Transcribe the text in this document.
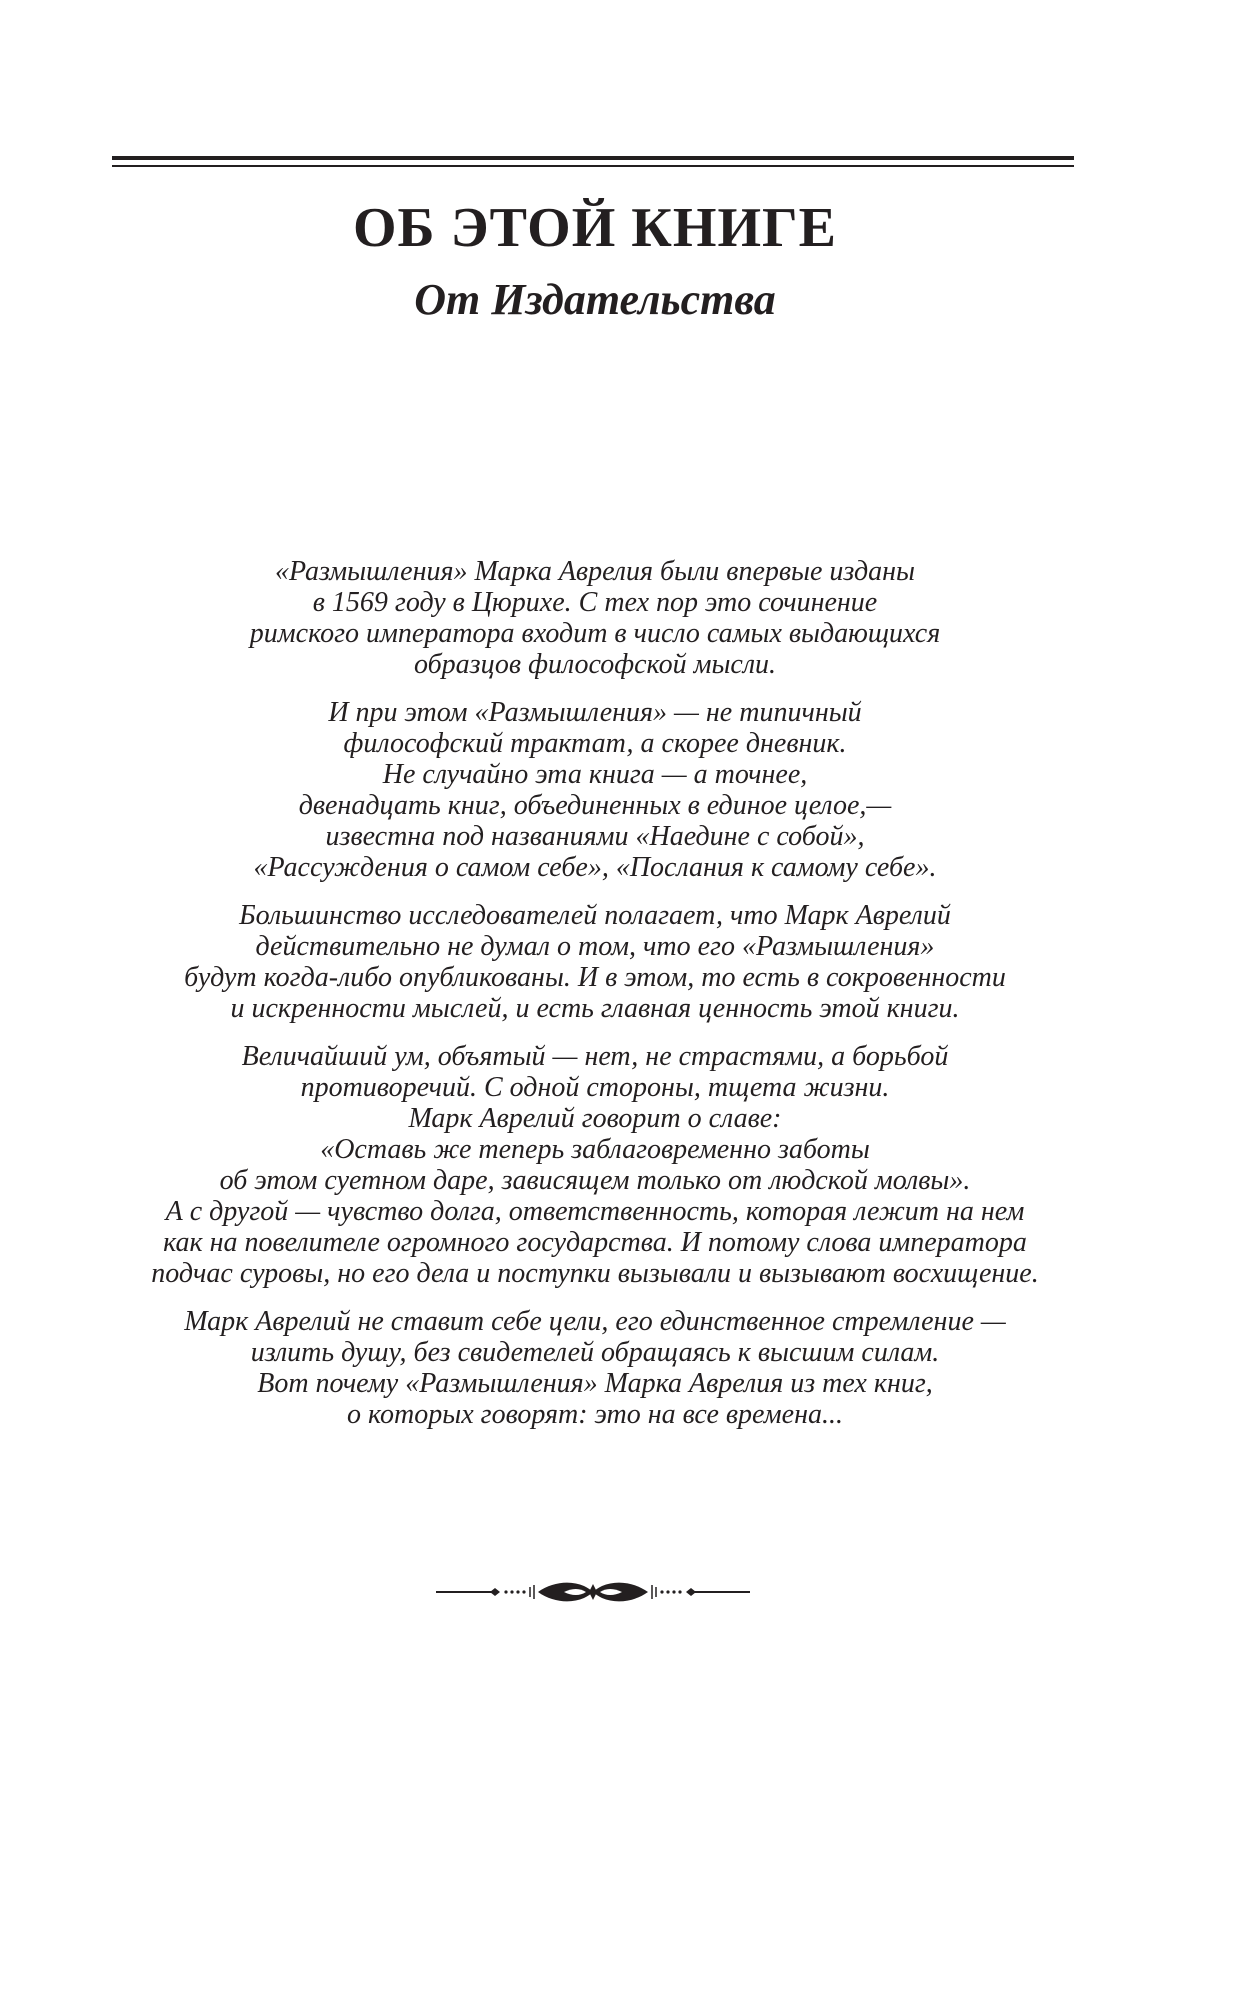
ОБ ЭТОЙ КНИГЕ
От Издательства

«Размышления» Марка Аврелия были впервые изданы
в 1569 году в Цюрихе. С тех пор это сочинение
римского императора входит в число самых выдающихся
образцов философской мысли.

И при этом «Размышления» — не типичный
философский трактат, а скорее дневник.
Не случайно эта книга — а точнее,
двенадцать книг, объединенных в единое целое,—
известна под названиями «Наедине с собой»,
«Рассуждения о самом себе», «Послания к самому себе».

Большинство исследователей полагает, что Марк Аврелий
действительно не думал о том, что его «Размышления»
будут когда-либо опубликованы. И в этом, то есть в сокровенности
и искренности мыслей, и есть главная ценность этой книги.

Величайший ум, объятый — нет, не страстями, а борьбой
противоречий. С одной стороны, тщета жизни.
Марк Аврелий говорит о славе:
«Оставь же теперь заблаговременно заботы
об этом суетном даре, зависящем только от людской молвы».
А с другой — чувство долга, ответственность, которая лежит на нем
как на повелителе огромного государства. И потому слова императора
подчас суровы, но его дела и поступки вызывали и вызывают восхищение.

Марк Аврелий не ставит себе цели, его единственное стремление —
излить душу, без свидетелей обращаясь к высшим силам.
Вот почему «Размышления» Марка Аврелия из тех книг,
о которых говорят: это на все времена...
